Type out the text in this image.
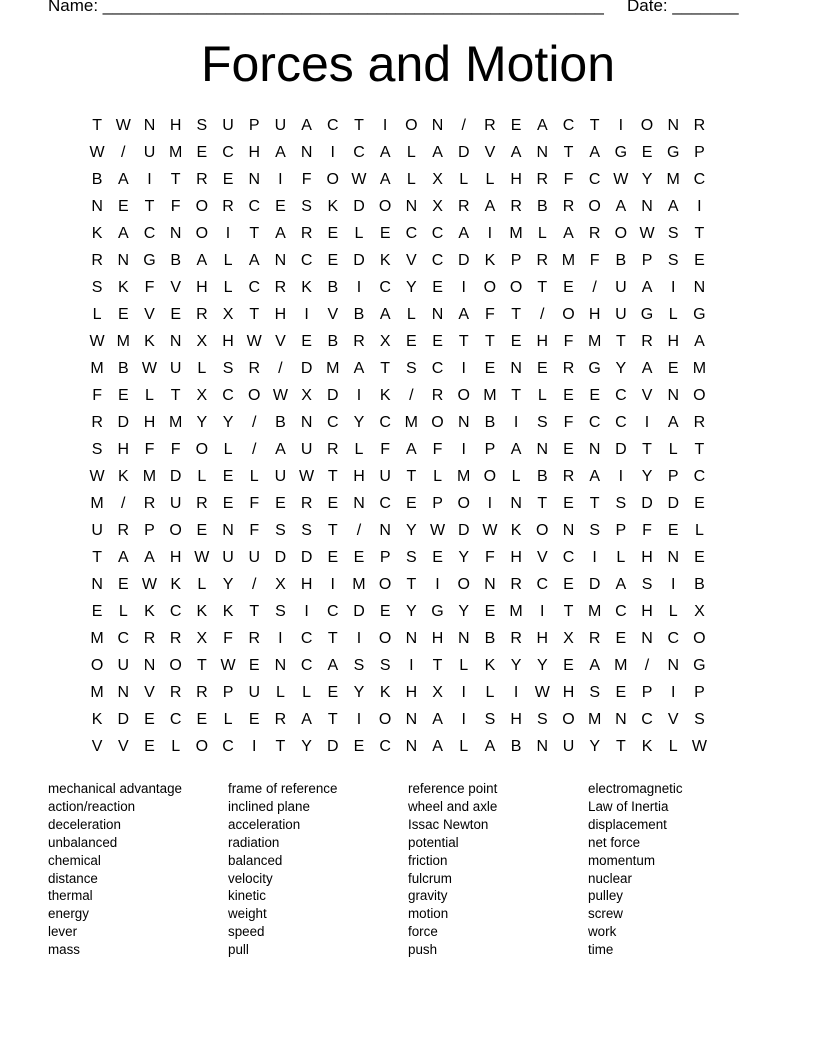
Name: _____________________________________________________ Date: _______
Forces and Motion
T W N H S U P U A C T	I	O N	/	R E A C T	I	O N R
W	/	U M E C H A N	I	C A	L	A D V A N T A G E G P
B A	I	T R E N	I	F O W A	L	X	L	L H R F C W Y M C
N E T	F O R C E S K D O N X R A R B R O A N A	I
K A C N O	I	T A R E	L	E C C A	I	M L	A R O W S T
R N G B A	L	A N C E D K V C D K P R M F B P S E
S K F V H L C R K B	I	C Y E	I	O O T E	/	U A	I	N
L	E V E R X T H	I	V B A	L N A F	T	/	O H U G L G
W M K N X H W V E B R X E E T	T E H F M T R H A
M B W U L	S R	/	D M A T S C	I	E N E R G Y A E M
F E	L	T X C O W X D	I	K	/	R O M T	L	E E C V N O
R D H M Y Y	/	B N C Y C M O N B	I	S F C C	I	A R
S H F	F O L	/	A U R L	F A F	I	P A N E N D T	L	T
W K M D L	E	L U W T H U T	L M O L	B R A	I	Y P C
M	/	R U R E F E R E N C E P O	I	N T E T S D D E
U R P O E N F S S T	/	N Y W D W K O N S P F E	L
T A A H W U U D D E E P S E Y F H V C	I	L H N E
N E W K	L	Y	/	X H	I	M O T	I	O N R C E D A S	I	B
E	L	K C K K T S	I	C D E Y G Y E M	I	T M C H L	X
M C R R X F R	I	C T	I	O N H N B R H X R E N C O
O U N O T W E N C A S S	I	T	L	K Y Y E A M	/	N G
M N V R R P U L	L	E Y K H X	I	L	I	W H S E P	I	P
K D E C E	L	E R A T	I	O N A	I	S H S O M N C V S
V V E	L O C	I	T Y D E C N A	L	A B N U Y T K	L W
mechanical advantage
action/reaction
deceleration
unbalanced
chemical
distance
thermal
energy
lever
mass
frame of reference
inclined plane
acceleration
radiation
balanced
velocity
kinetic
weight
speed
pull
reference point
wheel and axle
Issac Newton
potential
friction
fulcrum
gravity
motion
force
push
electromagnetic
Law of Inertia
displacement
net force
momentum
nuclear
pulley
screw
work
time
